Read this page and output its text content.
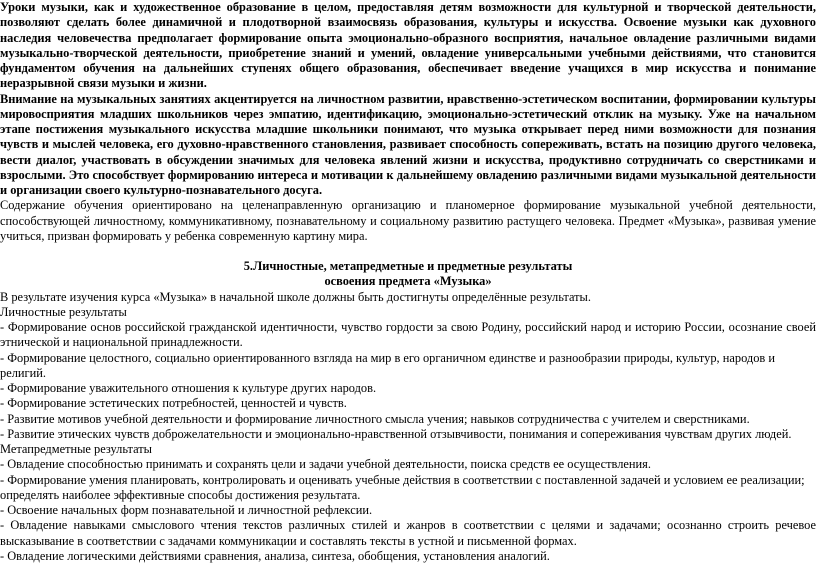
Уроки музыки, как и художественное образование в целом, предоставляя детям возможности для культурной и творческой деятельности, позволяют сделать более динамичной и плодотворной взаимосвязь образования, культуры и искусства. Освоение музыки как духовного наследия человечества предполагает формирование опыта эмоционально-образного восприятия, начальное овладение различными видами музыкально-творческой деятельности, приобретение знаний и умений, овладение универсальными учебными действиями, что становится фундаментом обучения на дальнейших ступенях общего образования, обеспечивает введение учащихся в мир искусства и понимание неразрывной связи музыки и жизни.

Внимание на музыкальных занятиях акцентируется на личностном развитии, нравственно-эстетическом воспитании, формировании культуры мировосприятия младших школьников через эмпатию, идентификацию, эмоционально-эстетический отклик на музыку. Уже на начальном этапе постижения музыкального искусства младшие школьники понимают, что музыка открывает перед ними возможности для познания чувств и мыслей человека, его духовно-нравственного становления, развивает способность сопереживать, встать на позицию другого человека, вести диалог, участвовать в обсуждении значимых для человека явлений жизни и искусства, продуктивно сотрудничать со сверстниками и взрослыми. Это способствует формированию интереса и мотивации к дальнейшему овладению различными видами музыкальной деятельности и организации своего культурно-познавательного досуга.

Содержание обучения ориентировано на целенаправленную организацию и планомерное формирование музыкальной учебной деятельности, способствующей личностному, коммуникативному, познавательному и социальному развитию растущего человека. Предмет «Музыка», развивая умение учиться, призван формировать у ребенка современную картину мира.

5.Личностные, метапредметные и предметные результаты

освоения предмета «Музыка»

В результате изучения курса «Музыка» в начальной школе должны быть достигнуты определённые результаты.

Личностные результаты

- Формирование основ российской гражданской идентичности, чувство гордости за свою Родину, российский народ и историю России, осознание своей этнической и национальной принадлежности.

- Формирование целостного, социально ориентированного взгляда на мир в его органичном единстве и разнообразии природы, культур, народов и религий.

- Формирование уважительного отношения к культуре других народов.

- Формирование эстетических потребностей, ценностей и чувств.

- Развитие мотивов учебной деятельности и формирование личностного смысла учения; навыков сотрудничества с учителем и сверстниками.

- Развитие этических чувств доброжелательности и эмоционально-нравственной отзывчивости, понимания и сопереживания чувствам других людей.

Метапредметные результаты

- Овладение способностью принимать и сохранять цели и задачи учебной деятельности, поиска средств ее осуществления.

- Формирование умения планировать, контролировать и оценивать учебные действия в соответствии с поставленной задачей и условием ее реализации; определять наиболее эффективные способы достижения результата.

- Освоение начальных форм познавательной и личностной рефлексии.

- Овладение навыками смыслового чтения текстов различных стилей и жанров в соответствии с целями и задачами; осознанно строить речевое высказывание в соответствии с задачами коммуникации и составлять тексты в устной и письменной формах.

- Овладение логическими действиями сравнения, анализа, синтеза, обобщения, установления аналогий.
